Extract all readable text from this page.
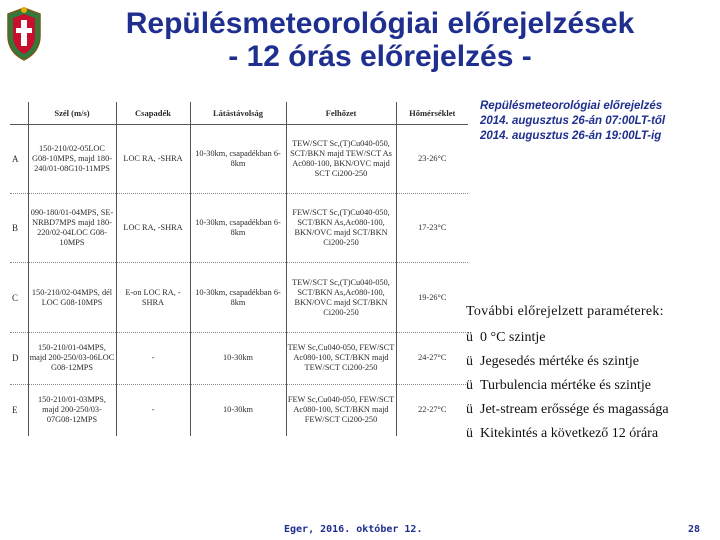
Repülésmeteorológiai előrejelzések
- 12 órás előrejelzés -
	Szél (m/s)	Csapadék	Látástávolság	Felhőzet	Hőmérséklet
A	150-210/02-05LOC G08-10MPS, majd 180-240/01-08G10-11MPS	LOC RA, -SHRA	10-30km, csapadékban 6-8km	TEW/SCT Sc,(T)Cu040-050, SCT/BKN majd TEW/SCT As Ac080-100, BKN/OVC majd SCT Ci200-250	23-26°C
B	090-180/01-04MPS, SE-NRBD7MPS majd 180-220/02-04LOC G08-10MPS	LOC RA, -SHRA	10-30km, csapadékban 6-8km	FEW/SCT Sc,(T)Cu040-050, SCT/BKN As,Ac080-100, BKN/OVC majd SCT/BKN Ci200-250	17-23°C
C	150-210/02-04MPS, dél LOC G08-10MPS	E-on LOC RA, -SHRA	10-30km, csapadékban 6-8km	TEW/SCT Sc,(T)Cu040-050, SCT/BKN As,Ac080-100, BKN/OVC majd SCT/BKN Ci200-250	19-26°C
D	150-210/01-04MPS, majd 200-250/03-06LOC G08-12MPS	-	10-30km	TEW Sc,Cu040-050, FEW/SCT Ac080-100, SCT/BKN majd TEW/SCT Ci200-250	24-27°C
E	150-210/01-03MPS, majd 200-250/03-07G08-12MPS	-	10-30km	FEW Sc,Cu040-050, FEW/SCT Ac080-100, SCT/BKN majd FEW/SCT Ci200-250	22-27°C
Repülésmeteorológiai előrejelzés
2014. augusztus 26-án 07:00LT-től
2014. augusztus 26-án 19:00LT-ig
További előrejelzett paraméterek:
ü 0 °C szintje
ü Jegesedés mértéke és szintje
ü Turbulencia mértéke és szintje
ü Jet-stream erőssége és magassága
ü Kitekintés a következő 12 órára
Eger, 2016. október 12.	28
